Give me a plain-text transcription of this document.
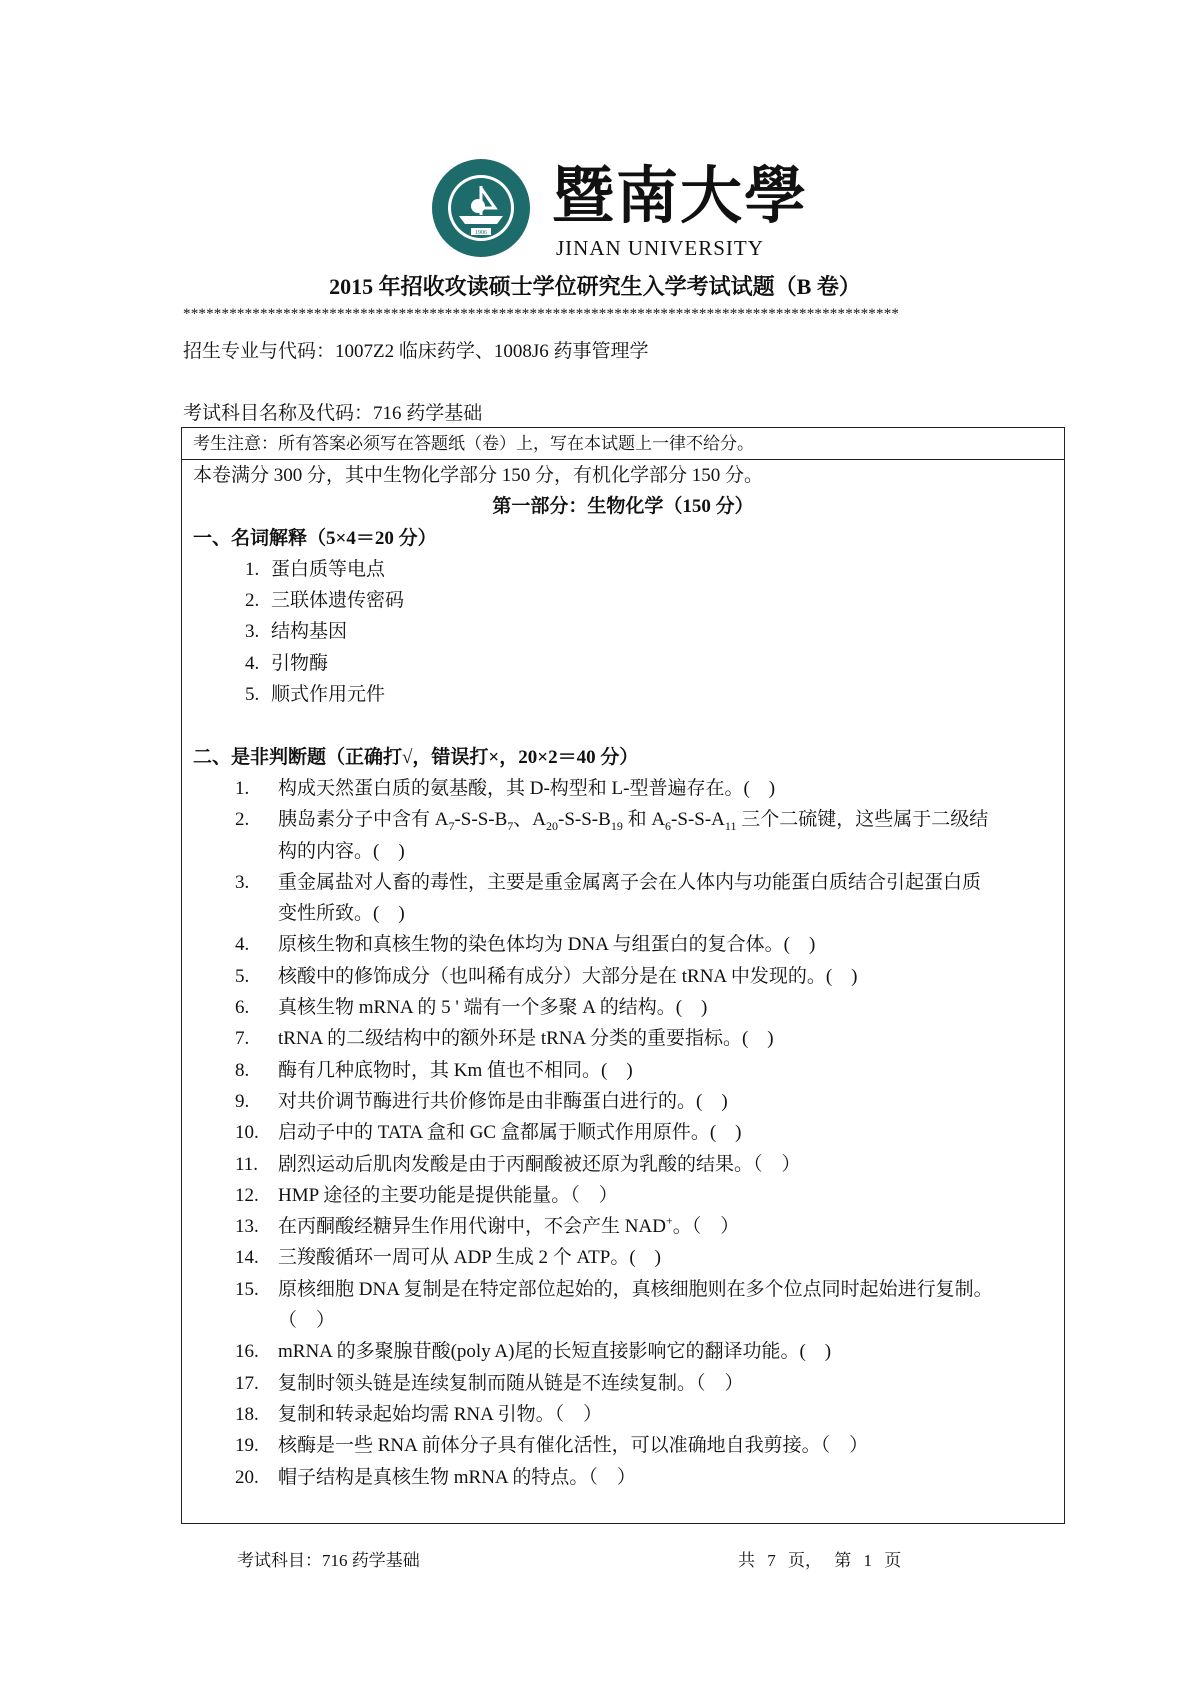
1906
暨南大學
JINAN UNIVERSITY
2015 年招收攻读硕士学位研究生入学考试试题（B 卷）
*********************************************************************************************
招生专业与代码：1007Z2 临床药学、1008J6 药事管理学
考试科目名称及代码：716 药学基础
考生注意：所有答案必须写在答题纸（卷）上，写在本试题上一律不给分。
本卷满分 300 分，其中生物化学部分 150 分，有机化学部分 150 分。
第一部分：生物化学（150 分）
一、名词解释（5×4＝20 分）
1. 蛋白质等电点
2. 三联体遗传密码
3. 结构基因
4. 引物酶
5. 顺式作用元件
二、是非判断题（正确打√，错误打×，20×2＝40 分）
1. 构成天然蛋白质的氨基酸，其 D-构型和 L-型普遍存在。(　)
2. 胰岛素分子中含有 $A_7-S-S-B_7$、$A_{20}-S-S-B_{19}$ 和 $A_6-S-S-A_{11}$ 三个二硫键，这些属于二级结
构的内容。(　)
3. 重金属盐对人畜的毒性，主要是重金属离子会在人体内与功能蛋白质结合引起蛋白质
变性所致。(　)
4. 原核生物和真核生物的染色体均为 DNA 与组蛋白的复合体。(　)
5. 核酸中的修饰成分（也叫稀有成分）大部分是在 tRNA 中发现的。(　)
6. 真核生物 mRNA 的 5 ' 端有一个多聚 A 的结构。(　)
7. tRNA 的二级结构中的额外环是 tRNA 分类的重要指标。(　)
8. 酶有几种底物时，其 Km 值也不相同。(　)
9. 对共价调节酶进行共价修饰是由非酶蛋白进行的。(　)
10. 启动子中的 TATA 盒和 GC 盒都属于顺式作用原件。(　)
11. 剧烈运动后肌肉发酸是由于丙酮酸被还原为乳酸的结果。（　）
12. HMP 途径的主要功能是提供能量。（　）
13. 在丙酮酸经糖异生作用代谢中，不会产生 NAD+。（　）
14. 三羧酸循环一周可从 ADP 生成 2 个 ATP。(　)
15. 原核细胞 DNA 复制是在特定部位起始的，真核细胞则在多个位点同时起始进行复制。
（　）
16. mRNA 的多聚腺苷酸(poly A)尾的长短直接影响它的翻译功能。(　)
17. 复制时领头链是连续复制而随从链是不连续复制。（　）
18. 复制和转录起始均需 RNA 引物。（　）
19. 核酶是一些 RNA 前体分子具有催化活性，可以准确地自我剪接。（　）
20. 帽子结构是真核生物 mRNA 的特点。（　）
考试科目：716 药学基础	共 7 页， 第 1 页
